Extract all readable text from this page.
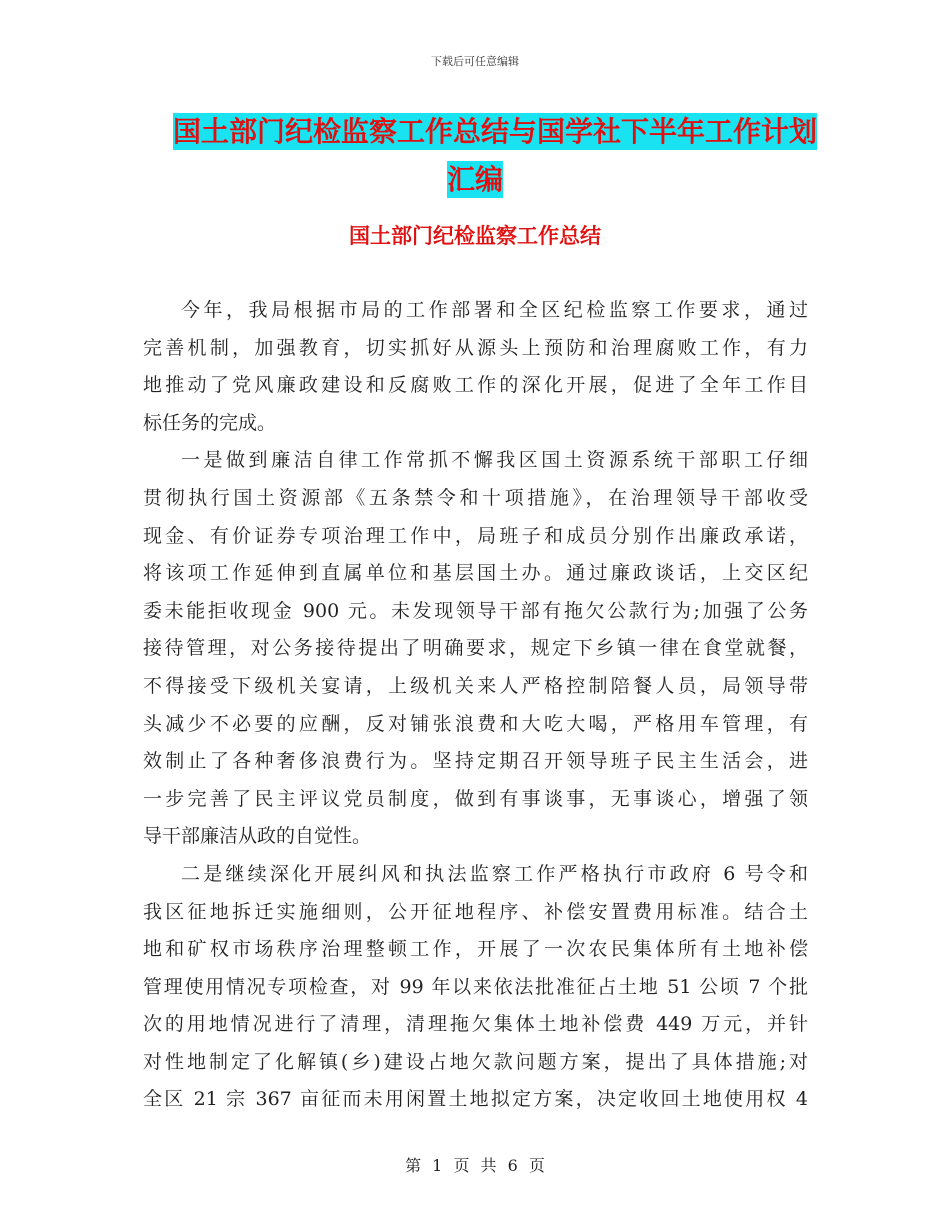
下载后可任意编辑
国土部门纪检监察工作总结与国学社下半年工作计划
汇编
国土部门纪检监察工作总结
今年，我局根据市局的工作部署和全区纪检监察工作要求，通过
完善机制，加强教育，切实抓好从源头上预防和治理腐败工作，有力
地推动了党风廉政建设和反腐败工作的深化开展，促进了全年工作目
标任务的完成。
一是做到廉洁自律工作常抓不懈我区国土资源系统干部职工仔细
贯彻执行国土资源部《五条禁令和十项措施》，在治理领导干部收受
现金、有价证券专项治理工作中，局班子和成员分别作出廉政承诺，
将该项工作延伸到直属单位和基层国土办。通过廉政谈话，上交区纪
委未能拒收现金 900 元。未发现领导干部有拖欠公款行为;加强了公务
接待管理，对公务接待提出了明确要求，规定下乡镇一律在食堂就餐，
不得接受下级机关宴请，上级机关来人严格控制陪餐人员，局领导带
头减少不必要的应酬，反对铺张浪费和大吃大喝，严格用车管理，有
效制止了各种奢侈浪费行为。坚持定期召开领导班子民主生活会，进
一步完善了民主评议党员制度，做到有事谈事，无事谈心，增强了领
导干部廉洁从政的自觉性。
二是继续深化开展纠风和执法监察工作严格执行市政府 6 号令和
我区征地拆迁实施细则，公开征地程序、补偿安置费用标准。结合土
地和矿权市场秩序治理整顿工作，开展了一次农民集体所有土地补偿
管理使用情况专项检查，对 99 年以来依法批准征占土地 51 公顷 7 个批
次的用地情况进行了清理，清理拖欠集体土地补偿费 449 万元，并针
对性地制定了化解镇(乡)建设占地欠款问题方案，提出了具体措施;对
全区 21 宗 367 亩征而未用闲置土地拟定方案，决定收回土地使用权 4
第 1 页 共 6 页
